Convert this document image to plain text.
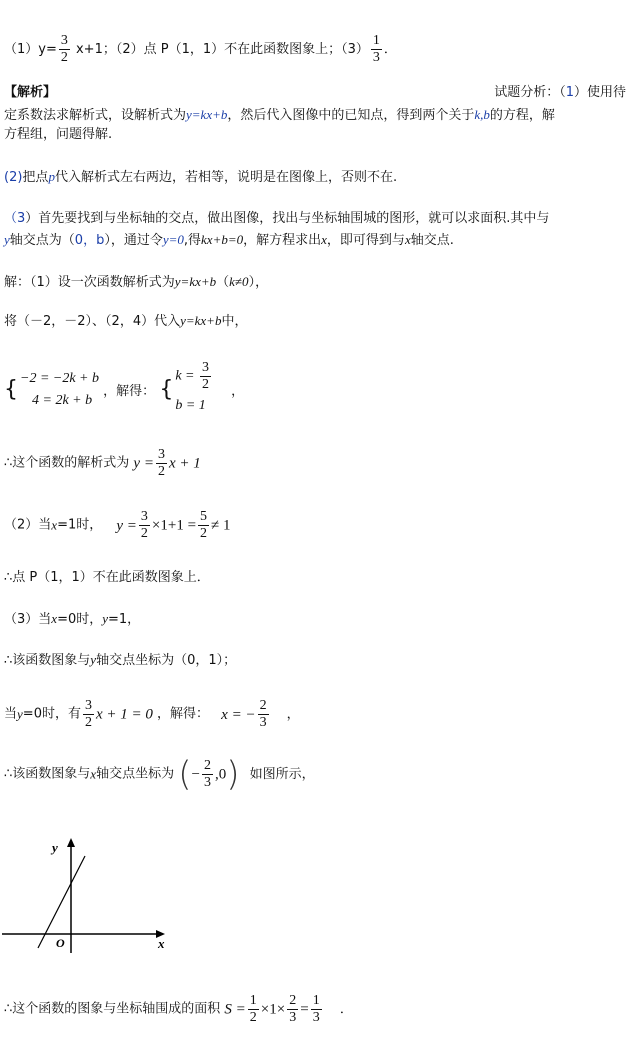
$(1)y= \frac{3}{2} x+1$；（2）点 P（1，1）不在此函数图象上；$(3) \frac{1}{3}$ ．
【解析】	试题分析：（1）使用待
定系数法求解析式，设解析式为y=kx+b，然后代入图像中的已知点，得到两个关于k,b的方程，解
方程组，问题得解.
(2)把点p代入解析式左右两边，若相等，说明是在图像上，否则不在.
（3）首先要找到与坐标轴的交点，做出图像，找出与坐标轴围城的图形，就可以求面积.其中与
y轴交点为（0，b），通过令y=0,得kx+b=0，解方程求出x，即可得到与x轴交点.
解：（1）设一次函数解析式为y=kx+b（k≠0），
将（－2，－2）、（2，4）代入y=kx+b中，
{ −2 = −2k + b
4 = 2k + b
，解得： {
$k = \frac{3}{2}$
b = 1
，
∴这个函数的解析式为 $y = \frac{3}{2}$ x + 1
（2）当x=1时， $y = \frac{3}{2} \times 1+1 = \frac{5}{2} \ne 1$
∴点 P（1，1）不在此函数图象上．
（3）当x=0时，y=1，
∴该函数图象与y轴交点坐标为（0，1）；
当y=0时，有 $\frac{3}{2}$ x + 1 = 0 ，解得： x = − $\frac{2}{3}$ ，
∴该函数图象与x轴交点坐标为 (− $\frac{2}{3} ,0$) 如图所示，
y
x
O
∴这个函数的图象与坐标轴围成的面积 $S = \frac{1}{2} \times 1\times \frac{2}{3} = \frac{1}{3}$ ．
